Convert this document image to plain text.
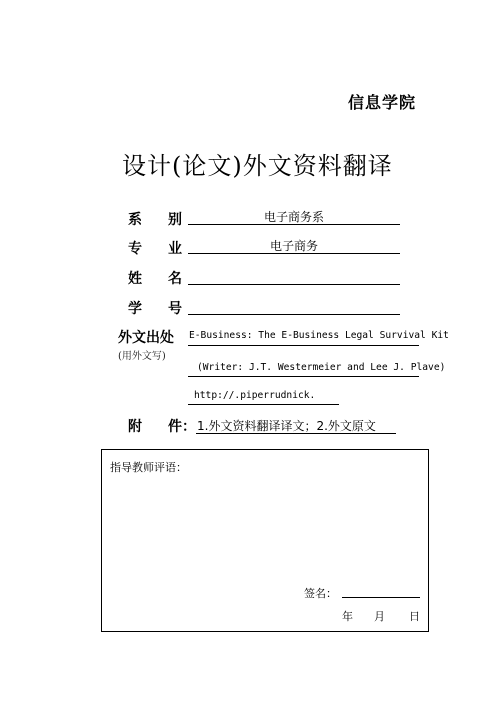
信息学院
设计(论文)外文资料翻译
系 别	电子商务系
专 业	电子商务
姓 名
学 号
外文出处
(用外文写)
E-Business: The E-Business Legal Survival Kit
(Writer: J.T. Westermeier and Lee J. Plave)
http://.piperrudnick.
附 件： 1.外文资料翻译译文；2.外文原文
指导教师评语：
签名：
年 月 日
